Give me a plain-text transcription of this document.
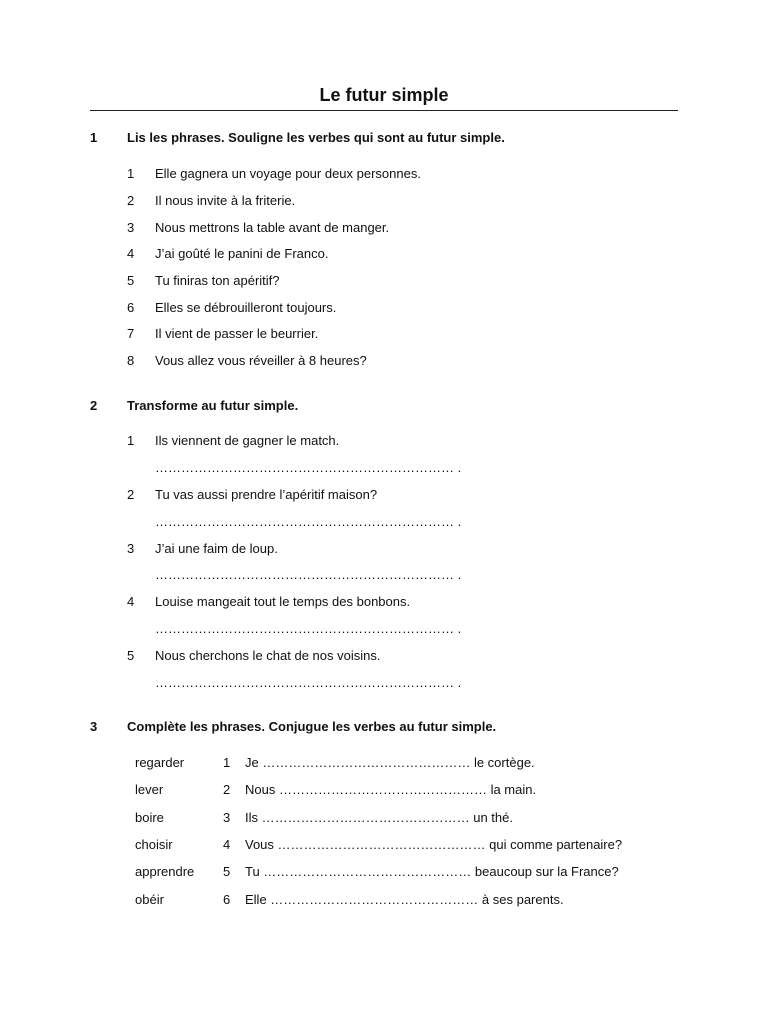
Le futur simple
1 Lis les phrases. Souligne les verbes qui sont au futur simple.
1 Elle gagnera un voyage pour deux personnes.
2 Il nous invite à la friterie.
3 Nous mettrons la table avant de manger.
4 J’ai goûté le panini de Franco.
5 Tu finiras ton apéritif?
6 Elles se débrouilleront toujours.
7 Il vient de passer le beurrier.
8 Vous allez vous réveiller à 8 heures?
2 Transforme au futur simple.
1 Ils viennent de gagner le match.
…………………………………………………………… .
2 Tu vas aussi prendre l’apéritif maison?
…………………………………………………………… .
3 J’ai une faim de loup.
…………………………………………………………… .
4 Louise mangeait tout le temps des bonbons.
…………………………………………………………… .
5 Nous cherchons le chat de nos voisins.
…………………………………………………………… .
3 Complète les phrases. Conjugue les verbes au futur simple.
regarder	1 Je ………………………………………… le cortège.
lever	2 Nous ………………………………………… la main.
boire	3 Ils ………………………………………… un thé.
choisir	4 Vous ………………………………………… qui comme partenaire?
apprendre 5 Tu ………………………………………… beaucoup sur la France?
obéir	6 Elle ………………………………………… à ses parents.
